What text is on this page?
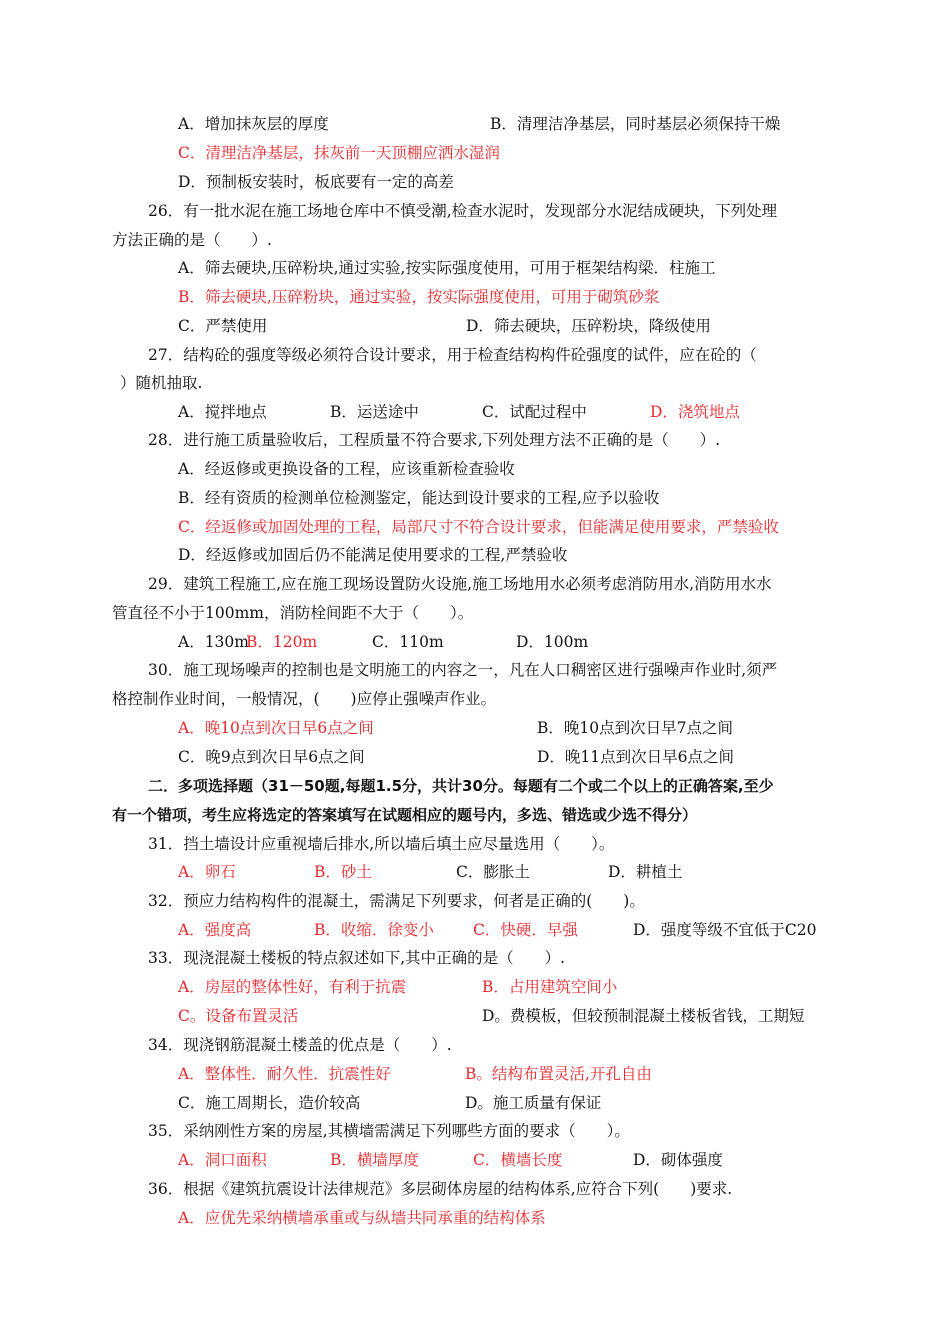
A．增加抹灰层的厚度	B．清理洁净基层，同时基层必须保持干燥
C．清理洁净基层，抹灰前一天顶棚应洒水湿润
D．预制板安装时，板底要有一定的高差
26．有一批水泥在施工场地仓库中不慎受潮,检查水泥时，发现部分水泥结成硬块，下列处理
方法正确的是（　　）.
A．筛去硬块,压碎粉块,通过实验,按实际强度使用，可用于框架结构梁．柱施工
B．筛去硬块,压碎粉块，通过实验，按实际强度使用，可用于砌筑砂浆
C．严禁使用	D．筛去硬块，压碎粉块，降级使用
27．结构砼的强度等级必须符合设计要求，用于检查结构构件砼强度的试件，应在砼的（
）随机抽取.
A．搅拌地点	B．运送途中	C．试配过程中	D．浇筑地点
28．进行施工质量验收后，工程质量不符合要求,下列处理方法不正确的是（　　）.
A．经返修或更换设备的工程，应该重新检查验收
B．经有资质的检测单位检测鉴定，能达到设计要求的工程,应予以验收
C．经返修或加固处理的工程，局部尺寸不符合设计要求，但能满足使用要求，严禁验收
D．经返修或加固后仍不能满足使用要求的工程,严禁验收
29．建筑工程施工,应在施工现场设置防火设施,施工场地用水必须考虑消防用水,消防用水水
管直径不小于100mm，消防栓间距不大于（　　）。
A．130m
B．120m	C．110m	D．100m
30．施工现场噪声的控制也是文明施工的内容之一，凡在人口稠密区进行强噪声作业时,须严
格控制作业时间，一般情况，(　　)应停止强噪声作业。
A．晚10点到次日早6点之间	B．晚10点到次日早7点之间
C．晚9点到次日早6点之间	D．晚11点到次日早6点之间
二．多项选择题（31－50题,每题1.5分，共计30分。每题有二个或二个以上的正确答案,至少
有一个错项，考生应将选定的答案填写在试题相应的题号内，多选、错选或少选不得分）
31．挡土墙设计应重视墙后排水,所以墙后填土应尽量选用（　　）。
A．卵石	B．砂土	C．膨胀土	D．耕植土
32．预应力结构构件的混凝土，需满足下列要求，何者是正确的(　　)。
A．强度高	B．收缩．徐变小	C．快硬．早强	D．强度等级不宜低于C20
33．现浇混凝土楼板的特点叙述如下,其中正确的是（　　）.
A．房屋的整体性好，有利于抗震	B．占用建筑空间小
C。设备布置灵活	D。费模板，但较预制混凝土楼板省钱，工期短
34．现浇钢筋混凝土楼盖的优点是（　　）.
A．整体性．耐久性．抗震性好	B。结构布置灵活,开孔自由
C．施工周期长，造价较高	D。施工质量有保证
35．采纳刚性方案的房屋,其横墙需满足下列哪些方面的要求（　　）。
A．洞口面积	B．横墙厚度	C．横墙长度	D．砌体强度
36．根据《建筑抗震设计法律规范》多层砌体房屋的结构体系,应符合下列(　　)要求.
A．应优先采纳横墙承重或与纵墙共同承重的结构体系
